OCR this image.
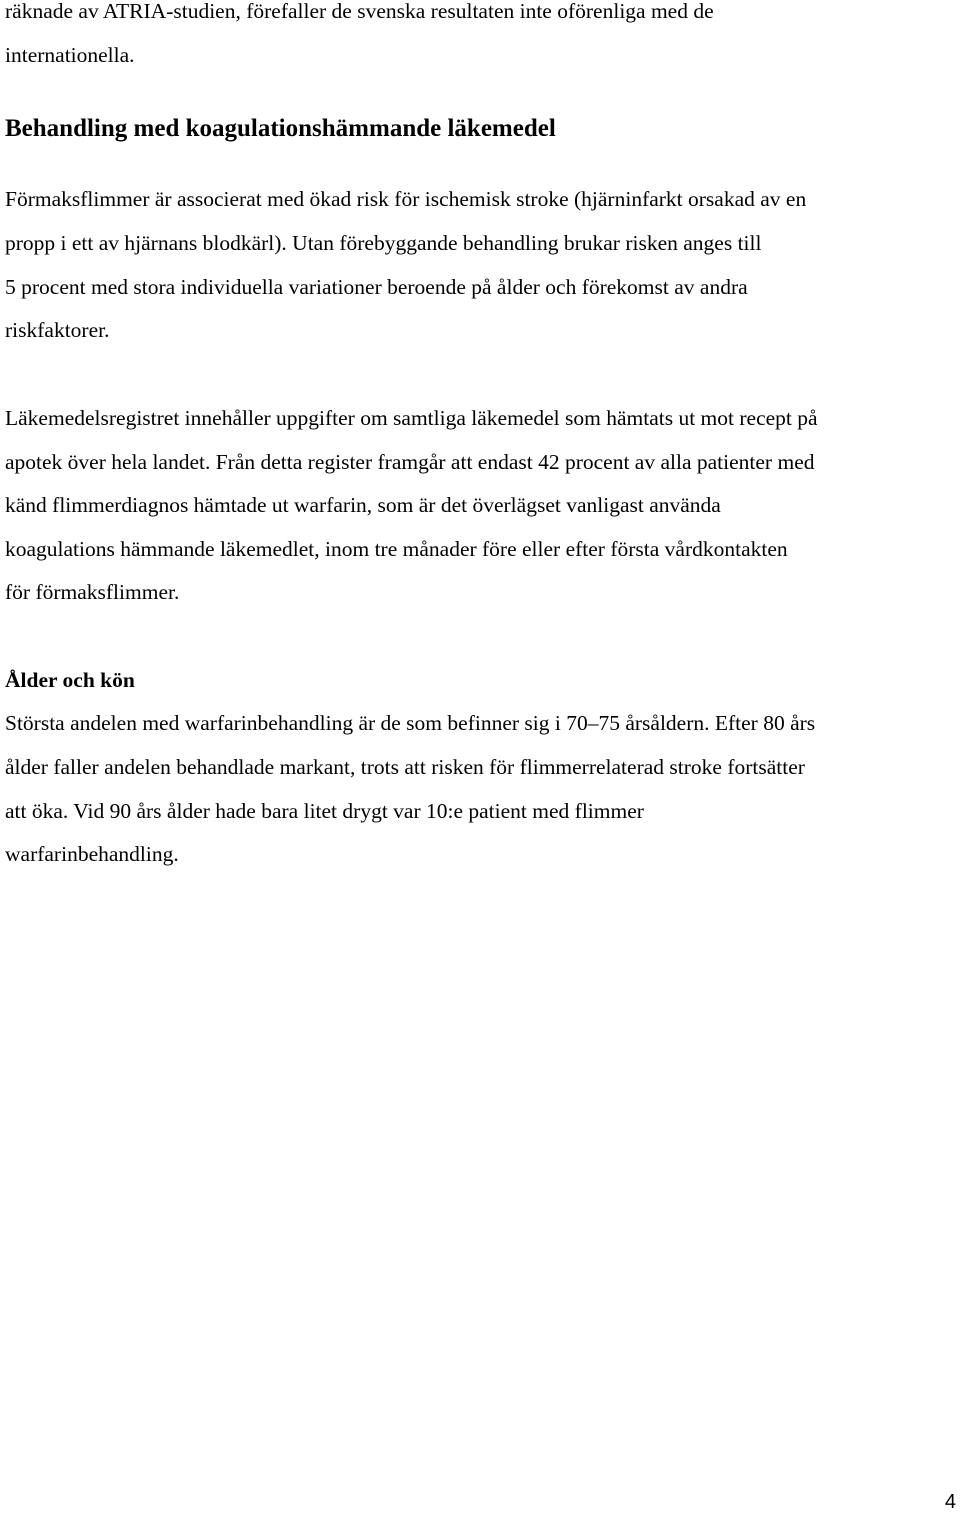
räknade av ATRIA-studien, förefaller de svenska resultaten inte oförenliga med de
internationella.
Behandling med koagulationshämmande läkemedel
Förmaksflimmer är associerat med ökad risk för ischemisk stroke (hjärninfarkt orsakad av en
propp i ett av hjärnans blodkärl). Utan förebyggande behandling brukar risken anges till
5 procent med stora individuella variationer beroende på ålder och förekomst av andra
riskfaktorer.
Läkemedelsregistret innehåller uppgifter om samtliga läkemedel som hämtats ut mot recept på
apotek över hela landet. Från detta register framgår att endast 42 procent av alla patienter med
känd flimmerdiagnos hämtade ut warfarin, som är det överlägset vanligast använda
koagulations hämmande läkemedlet, inom tre månader före eller efter första vårdkontakten
för förmaksflimmer.
Ålder och kön
Största andelen med warfarinbehandling är de som befinner sig i 70–75 årsåldern. Efter 80 års
ålder faller andelen behandlade markant, trots att risken för flimmerrelaterad stroke fortsätter
att öka. Vid 90 års ålder hade bara litet drygt var 10:e patient med flimmer
warfarinbehandling.
4
